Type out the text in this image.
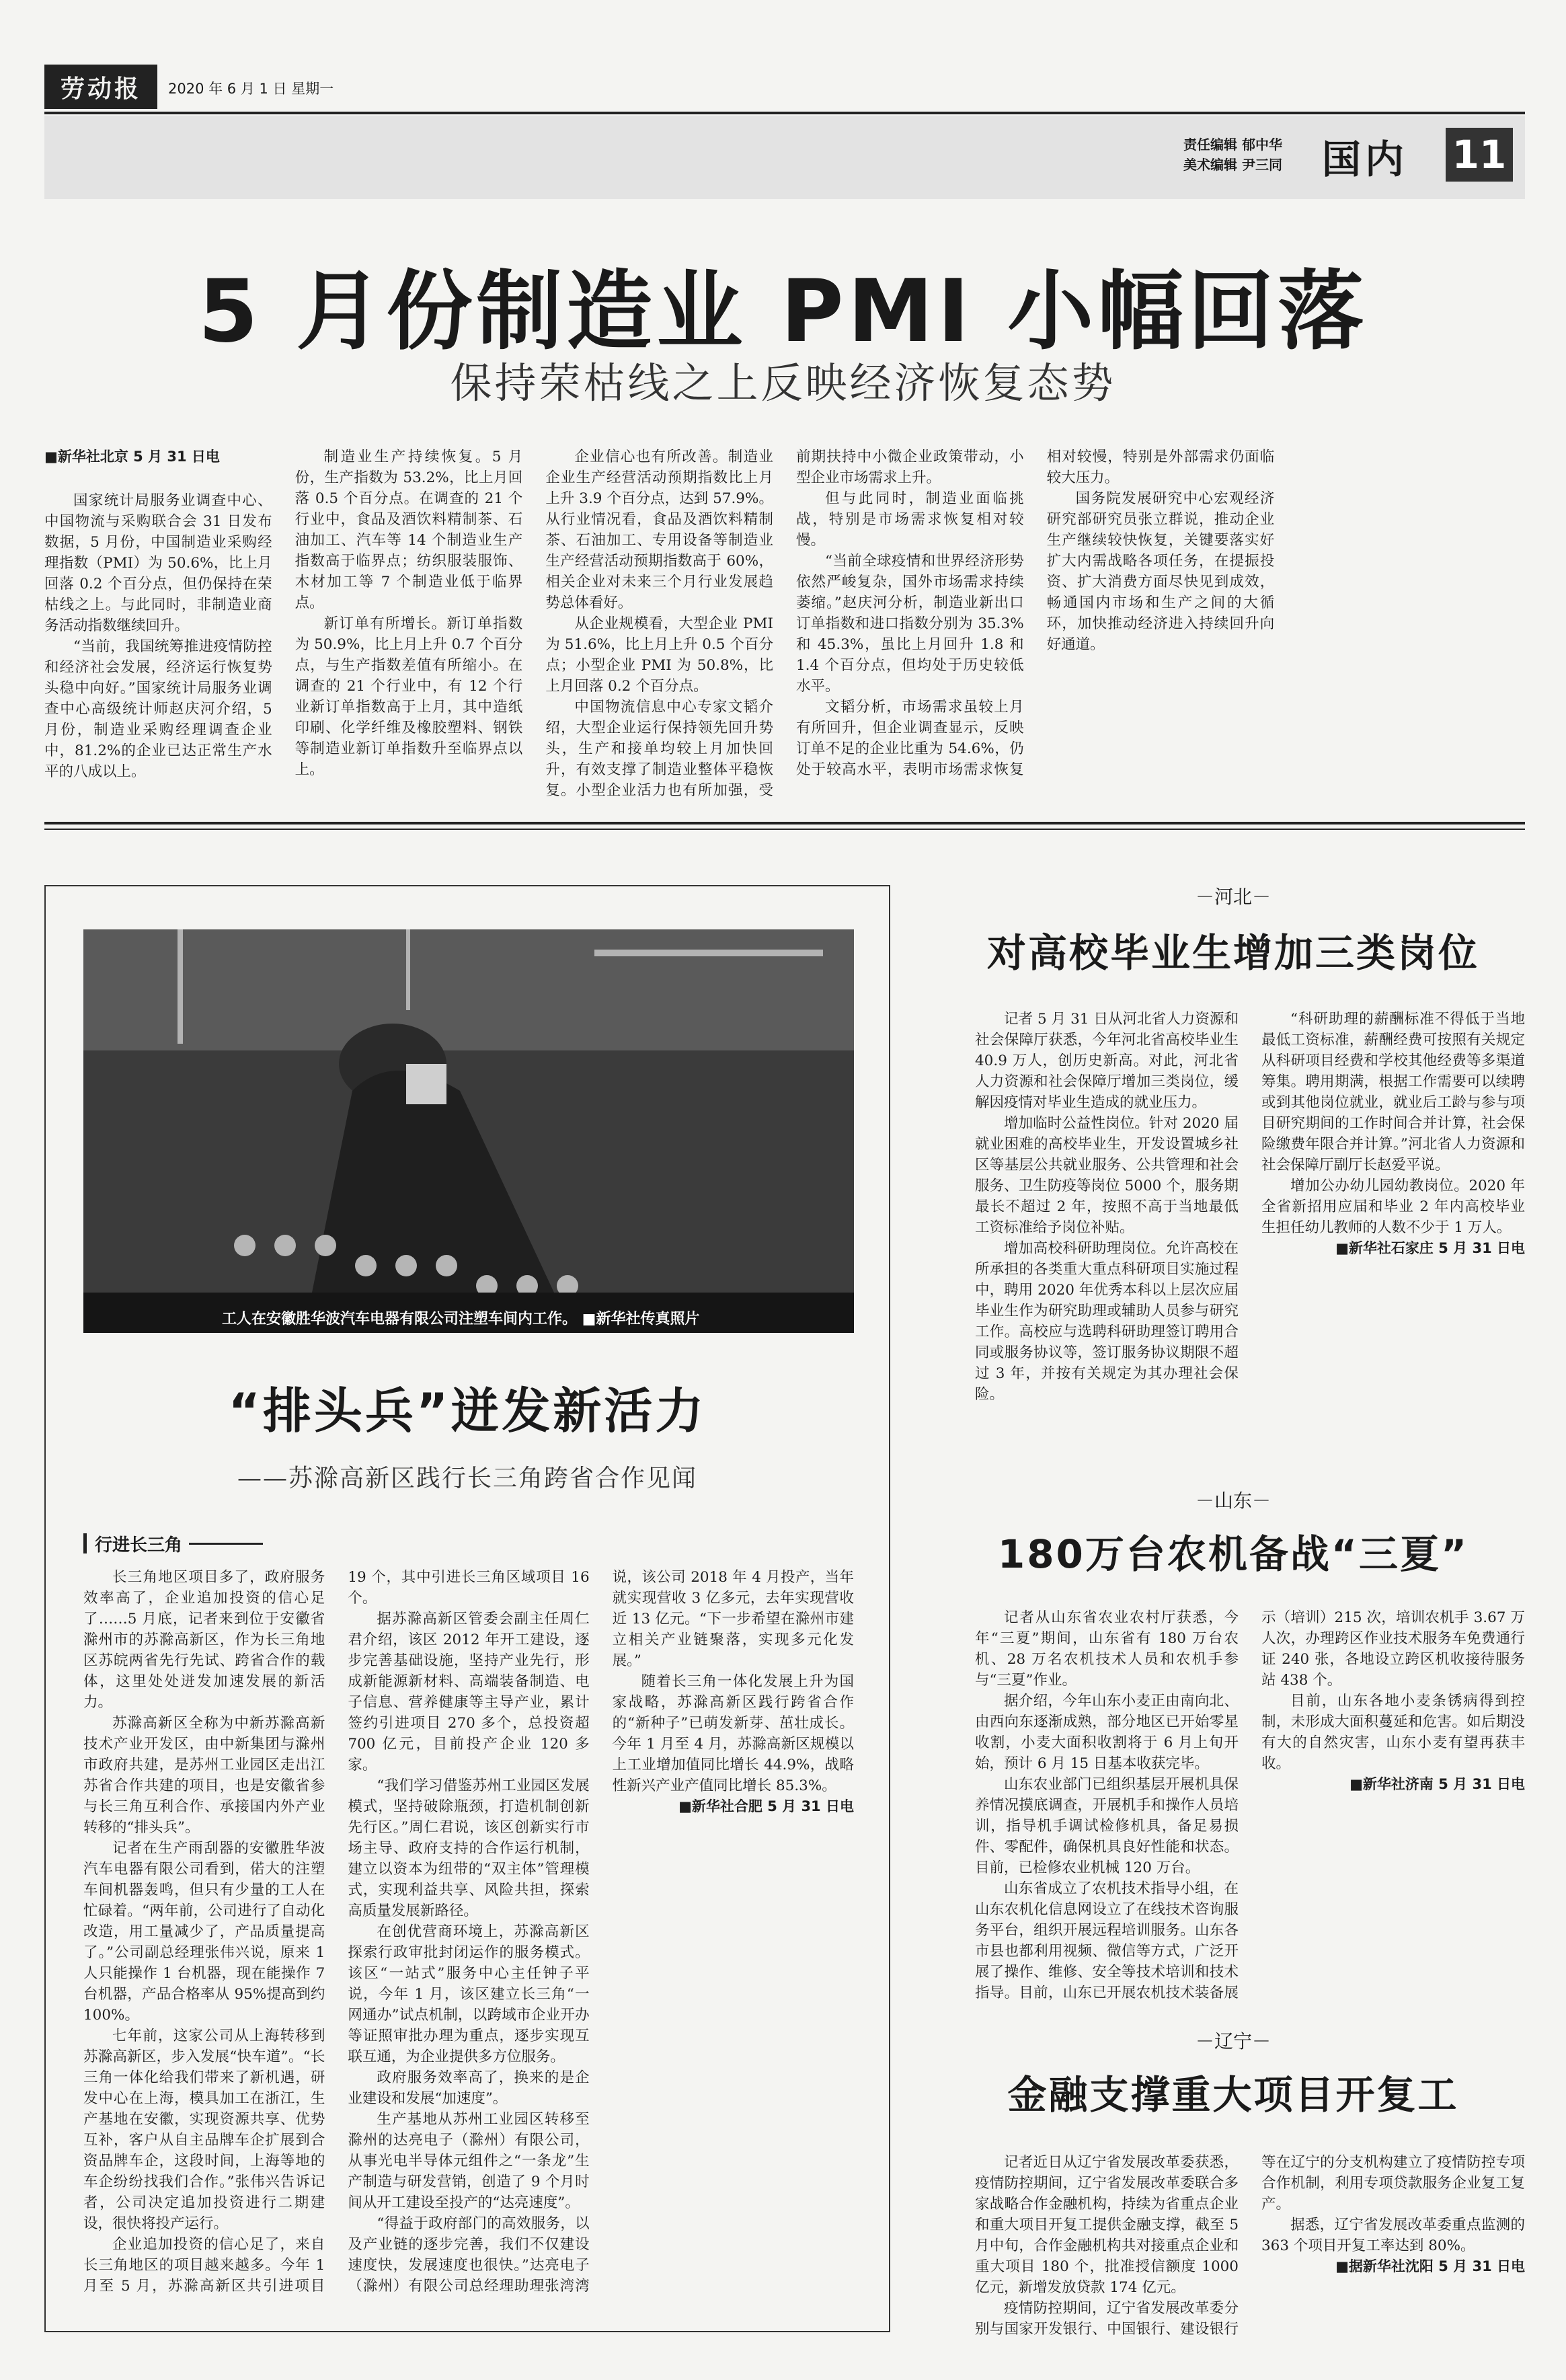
劳动报	2020 年 6 月 1 日 星期一
责任编辑 郁中华
美术编辑 尹三同 国内 11
5 月份制造业 PMI 小幅回落
保持荣枯线之上反映经济恢复态势
■新华社北京 5 月 31 日电

国家统计局服务业调查中心、中国物流与采购联合会 31 日发布数据，5 月份，中国制造业采购经理指数（PMI）为 50.6%，比上月回落 0.2 个百分点，但仍保持在荣枯线之上。与此同时，非制造业商务活动指数继续回升。

“当前，我国统筹推进疫情防控和经济社会发展，经济运行恢复势头稳中向好。”国家统计局服务业调查中心高级统计师赵庆河介绍，5 月份，制造业采购经理调查企业中，81.2%的企业已达正常生产水平的八成以上。

制造业生产持续恢复。5 月份，生产指数为 53.2%，比上月回落 0.5 个百分点。在调查的 21 个行业中，食品及酒饮料精制茶、石油加工、汽车等 14 个制造业生产指数高于临界点；纺织服装服饰、木材加工等 7 个制造业低于临界点。

新订单有所增长。新订单指数为 50.9%，比上月上升 0.7 个百分点，与生产指数差值有所缩小。在调查的 21 个行业中，有 12 个行业新订单指数高于上月，其中造纸印刷、化学纤维及橡胶塑料、钢铁等制造业新订单指数升至临界点以上。

企业信心也有所改善。制造业企业生产经营活动预期指数比上月上升 3.9 个百分点，达到 57.9%。从行业情况看，食品及酒饮料精制茶、石油加工、专用设备等制造业生产经营活动预期指数高于 60%，相关企业对未来三个月行业发展趋势总体看好。

从企业规模看，大型企业 PMI 为 51.6%，比上月上升 0.5 个百分点；小型企业 PMI 为 50.8%，比上月回落 0.2 个百分点。

中国物流信息中心专家文韬介绍，大型企业运行保持领先回升势头，生产和接单均较上月加快回升，有效支撑了制造业整体平稳恢复。小型企业活力也有所加强，受前期扶持中小微企业政策带动，小型企业市场需求上升。

但与此同时，制造业面临挑战，特别是市场需求恢复相对较慢。

“当前全球疫情和世界经济形势依然严峻复杂，国外市场需求持续萎缩。”赵庆河分析，制造业新出口订单指数和进口指数分别为 35.3%和 45.3%，虽比上月回升 1.8 和 1.4 个百分点，但均处于历史较低水平。

文韬分析，市场需求虽较上月有所回升，但企业调查显示，反映订单不足的企业比重为 54.6%，仍处于较高水平，表明市场需求恢复相对较慢，特别是外部需求仍面临较大压力。

国务院发展研究中心宏观经济研究部研究员张立群说，推动企业生产继续较快恢复，关键要落实好扩大内需战略各项任务，在提振投资、扩大消费方面尽快见到成效，畅通国内市场和生产之间的大循环，加快推动经济进入持续回升向好通道。

工人在安徽胜华波汽车电器有限公司注塑车间内工作。 ■新华社传真照片
“排头兵”迸发新活力
——苏滁高新区践行长三角跨省合作见闻
行进长三角

长三角地区项目多了，政府服务效率高了，企业追加投资的信心足了……5 月底，记者来到位于安徽省滁州市的苏滁高新区，作为长三角地区苏皖两省先行先试、跨省合作的载体，这里处处迸发加速发展的新活力。

苏滁高新区全称为中新苏滁高新技术产业开发区，由中新集团与滁州市政府共建，是苏州工业园区走出江苏省合作共建的项目，也是安徽省参与长三角互利合作、承接国内外产业转移的“排头兵”。

记者在生产雨刮器的安徽胜华波汽车电器有限公司看到，偌大的注塑车间机器轰鸣，但只有少量的工人在忙碌着。“两年前，公司进行了自动化改造，用工量减少了，产品质量提高了。”公司副总经理张伟兴说，原来 1 人只能操作 1 台机器，现在能操作 7 台机器，产品合格率从 95%提高到约 100%。

七年前，这家公司从上海转移到苏滁高新区，步入发展“快车道”。“长三角一体化给我们带来了新机遇，研发中心在上海，模具加工在浙江，生产基地在安徽，实现资源共享、优势互补，客户从自主品牌车企扩展到合资品牌车企，这段时间，上海等地的车企纷纷找我们合作。”张伟兴告诉记者，公司决定追加投资进行二期建设，很快将投产运行。

企业追加投资的信心足了，来自长三角地区的项目越来越多。今年 1 月至 5 月，苏滁高新区共引进项目 19 个，其中引进长三角区域项目 16 个。

据苏滁高新区管委会副主任周仁君介绍，该区 2012 年开工建设，逐步完善基础设施，坚持产业先行，形成新能源新材料、高端装备制造、电子信息、营养健康等主导产业，累计签约引进项目 270 多个，总投资超 700 亿元，目前投产企业 120 多家。

“我们学习借鉴苏州工业园区发展模式，坚持破除瓶颈，打造机制创新先行区。”周仁君说，该区创新实行市场主导、政府支持的合作运行机制，建立以资本为纽带的“双主体”管理模式，实现利益共享、风险共担，探索高质量发展新路径。

在创优营商环境上，苏滁高新区探索行政审批封闭运作的服务模式。该区“一站式”服务中心主任钟子平说，今年 1 月，该区建立长三角“一网通办”试点机制，以跨域市企业开办等证照审批办理为重点，逐步实现互联互通，为企业提供多方位服务。

政府服务效率高了，换来的是企业建设和发展“加速度”。

生产基地从苏州工业园区转移至滁州的达亮电子（滁州）有限公司，从事光电半导体元组件之“一条龙”生产制造与研发营销，创造了 9 个月时间从开工建设至投产的“达亮速度”。

“得益于政府部门的高效服务，以及产业链的逐步完善，我们不仅建设速度快，发展速度也很快。”达亮电子（滁州）有限公司总经理助理张湾湾说，该公司 2018 年 4 月投产，当年就实现营收 3 亿多元，去年实现营收近 13 亿元。“下一步希望在滁州市建立相关产业链聚落，实现多元化发展。”

随着长三角一体化发展上升为国家战略，苏滁高新区践行跨省合作的“新种子”已萌发新芽、茁壮成长。今年 1 月至 4 月，苏滁高新区规模以上工业增加值同比增长 44.9%，战略性新兴产业产值同比增长 85.3%。

■新华社合肥 5 月 31 日电
－河北－
对高校毕业生增加三类岗位

记者 5 月 31 日从河北省人力资源和社会保障厅获悉，今年河北省高校毕业生 40.9 万人，创历史新高。对此，河北省人力资源和社会保障厅增加三类岗位，缓解因疫情对毕业生造成的就业压力。

增加临时公益性岗位。针对 2020 届就业困难的高校毕业生，开发设置城乡社区等基层公共就业服务、公共管理和社会服务、卫生防疫等岗位 5000 个，服务期最长不超过 2 年，按照不高于当地最低工资标准给予岗位补贴。

增加高校科研助理岗位。允许高校在所承担的各类重大重点科研项目实施过程中，聘用 2020 年优秀本科以上层次应届毕业生作为研究助理或辅助人员参与研究工作。高校应与选聘科研助理签订聘用合同或服务协议等，签订服务协议期限不超过 3 年，并按有关规定为其办理社会保险。

“科研助理的薪酬标准不得低于当地最低工资标准，薪酬经费可按照有关规定从科研项目经费和学校其他经费等多渠道筹集。聘用期满，根据工作需要可以续聘或到其他岗位就业，就业后工龄与参与项目研究期间的工作时间合并计算，社会保险缴费年限合并计算。”河北省人力资源和社会保障厅副厅长赵爱平说。

增加公办幼儿园幼教岗位。2020 年全省新招用应届和毕业 2 年内高校毕业生担任幼儿教师的人数不少于 1 万人。

■新华社石家庄 5 月 31 日电
－山东－
180万台农机备战“三夏”

记者从山东省农业农村厅获悉，今年“三夏”期间，山东省有 180 万台农机、28 万名农机技术人员和农机手参与“三夏”作业。

据介绍，今年山东小麦正由南向北、由西向东逐渐成熟，部分地区已开始零星收割，小麦大面积收割将于 6 月上旬开始，预计 6 月 15 日基本收获完毕。

山东农业部门已组织基层开展机具保养情况摸底调查，开展机手和操作人员培训，指导机手调试检修机具，备足易损件、零配件，确保机具良好性能和状态。目前，已检修农业机械 120 万台。

山东省成立了农机技术指导小组，在山东农机化信息网设立了在线技术咨询服务平台，组织开展远程培训服务。山东各市县也都利用视频、微信等方式，广泛开展了操作、维修、安全等技术培训和技术指导。目前，山东已开展农机技术装备展示（培训）215 次，培训农机手 3.67 万人次，办理跨区作业技术服务车免费通行证 240 张，各地设立跨区机收接待服务站 438 个。

目前，山东各地小麦条锈病得到控制，未形成大面积蔓延和危害。如后期没有大的自然灾害，山东小麦有望再获丰收。

■新华社济南 5 月 31 日电
－辽宁－
金融支撑重大项目开复工

记者近日从辽宁省发展改革委获悉，疫情防控期间，辽宁省发展改革委联合多家战略合作金融机构，持续为省重点企业和重大项目开复工提供金融支撑，截至 5 月中旬，合作金融机构共对接重点企业和重大项目 180 个，批准授信额度 1000 亿元，新增发放贷款 174 亿元。

疫情防控期间，辽宁省发展改革委分别与国家开发银行、中国银行、建设银行等在辽宁的分支机构建立了疫情防控专项合作机制，利用专项贷款服务企业复工复产。

据悉，辽宁省发展改革委重点监测的 363 个项目开复工率达到 80%。

■据新华社沈阳 5 月 31 日电
